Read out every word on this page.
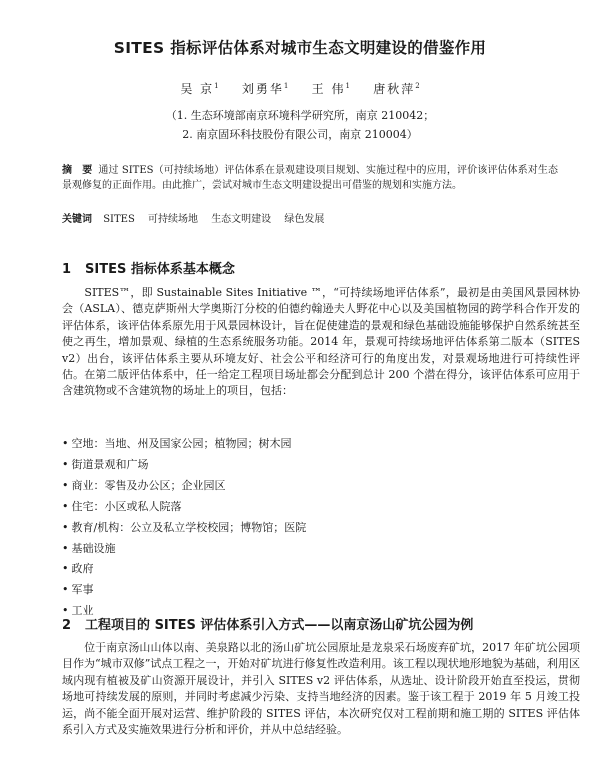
SITES 指标评估体系对城市生态文明建设的借鉴作用
吴 京$^1$ 刘勇华$^1$ 王 伟$^1$ 唐秋萍$^2$
（1. 生态环境部南京环境科学研究所，南京 210042；
2. 南京固环科技股份有限公司，南京 210004）
摘　要 通过 SITES（可持续场地）评估体系在景观建设项目规划、实施过程中的应用，评价该评估体系对生态景观修复的正面作用。由此推广，尝试对城市生态文明建设提出可借鉴的规划和实施方法。
关键词 SITES 可持续场地 生态文明建设 绿色发展
1 SITES 指标体系基本概念
　　SITES™，即 Sustainable Sites Initiative ™，“可持续场地评估体系”，最初是由美国风景园林协会（ASLA）、德克萨斯州大学奥斯汀分校的伯德约翰逊夫人野花中心以及美国植物园的跨学科合作开发的评估体系，该评估体系原先用于风景园林设计，旨在促使建造的景观和绿色基础设施能够保护自然系统甚至使之再生，增加景观、绿植的生态系统服务功能。2014 年，景观可持续场地评估体系第二版本（SITES v2）出台，该评估体系主要从环境友好、社会公平和经济可行的角度出发，对景观场地进行可持续性评估。在第二版评估体系中，任一给定工程项目场址都会分配到总计 200 个潜在得分，该评估体系可应用于含建筑物或不含建筑物的场址上的项目，包括：
• 空地：当地、州及国家公园；植物园；树木园
• 街道景观和广场
• 商业：零售及办公区；企业园区
• 住宅：小区或私人院落
• 教育/机构：公立及私立学校校园；博物馆；医院
• 基础设施
• 政府
• 军事
• 工业
2 工程项目的 SITES 评估体系引入方式——以南京汤山矿坑公园为例
　　位于南京汤山山体以南、美泉路以北的汤山矿坑公园原址是龙泉采石场废弃矿坑，2017 年矿坑公园项目作为“城市双修”试点工程之一，开始对矿坑进行修复性改造利用。该工程以现状地形地貌为基础，利用区域内现有植被及矿山资源开展设计，并引入 SITES v2 评估体系，从选址、设计阶段开始直至投运，贯彻场地可持续发展的原则，并同时考虑减少污染、支持当地经济的因素。鉴于该工程于 2019 年 5 月竣工投运，尚不能全面开展对运营、维护阶段的 SITES 评估，本次研究仅对工程前期和施工期的 SITES 评估体系引入方式及实施效果进行分析和评价，并从中总结经验。
